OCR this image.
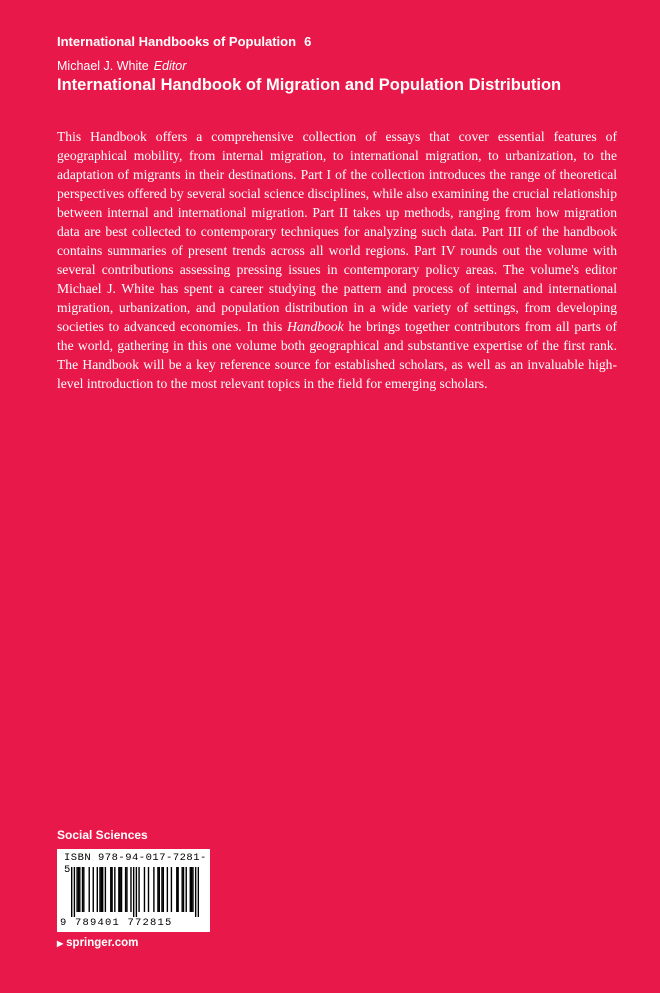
International Handbooks of Population 6
Michael J. White Editor
International Handbook of Migration and Population Distribution

This Handbook offers a comprehensive collection of essays that cover essential features of geographical mobility, from internal migration, to international migration, to urbanization, to the adaptation of migrants in their destinations. Part I of the collection introduces the range of theoretical perspectives offered by several social science disciplines, while also examining the crucial relationship between internal and international migration. Part II takes up methods, ranging from how migration data are best collected to contemporary techniques for analyzing such data. Part III of the handbook contains summaries of present trends across all world regions. Part IV rounds out the volume with several contributions assessing pressing issues in contemporary policy areas. The volume's editor Michael J. White has spent a career studying the pattern and process of internal and international migration, urbanization, and population distribution in a wide variety of settings, from developing societies to advanced economies. In this Handbook he brings together contributors from all parts of the world, gathering in this one volume both geographical and substantive expertise of the first rank. The Handbook will be a key reference source for established scholars, as well as an invaluable high-level introduction to the most relevant topics in the field for emerging scholars.

Social Sciences
ISBN 978-94-017-7281-5
9 789401 772815
▶ springer.com
